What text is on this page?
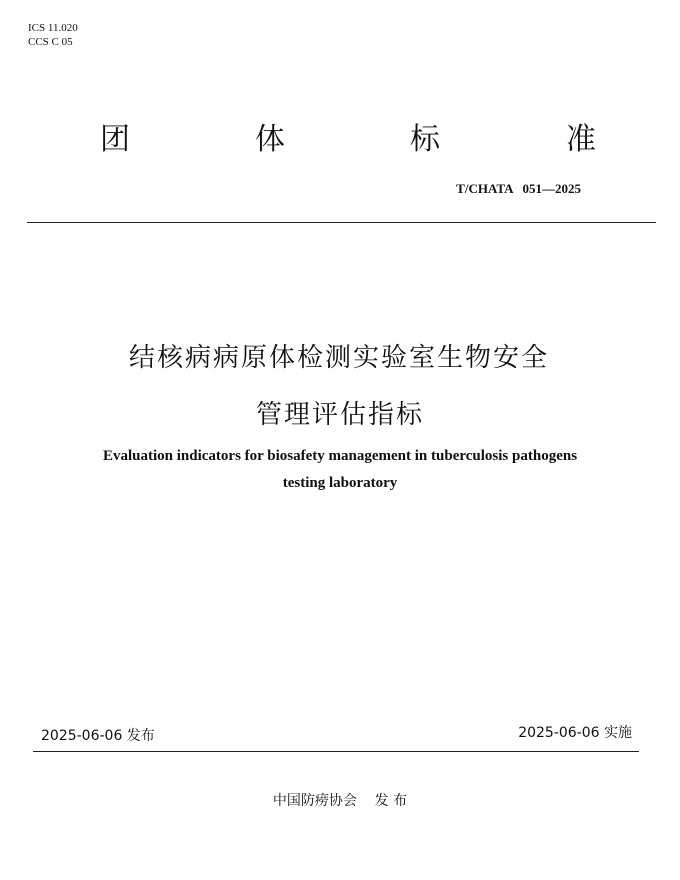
ICS 11.020
CCS C 05
团	体	标	准
T/CHATA   051—2025
结核病病原体检测实验室生物安全
管理评估指标
Evaluation indicators for biosafety management in tuberculosis pathogens
testing laboratory
2025-06-06 发布	2025-06-06 实施
中国防痨协会    发 布
